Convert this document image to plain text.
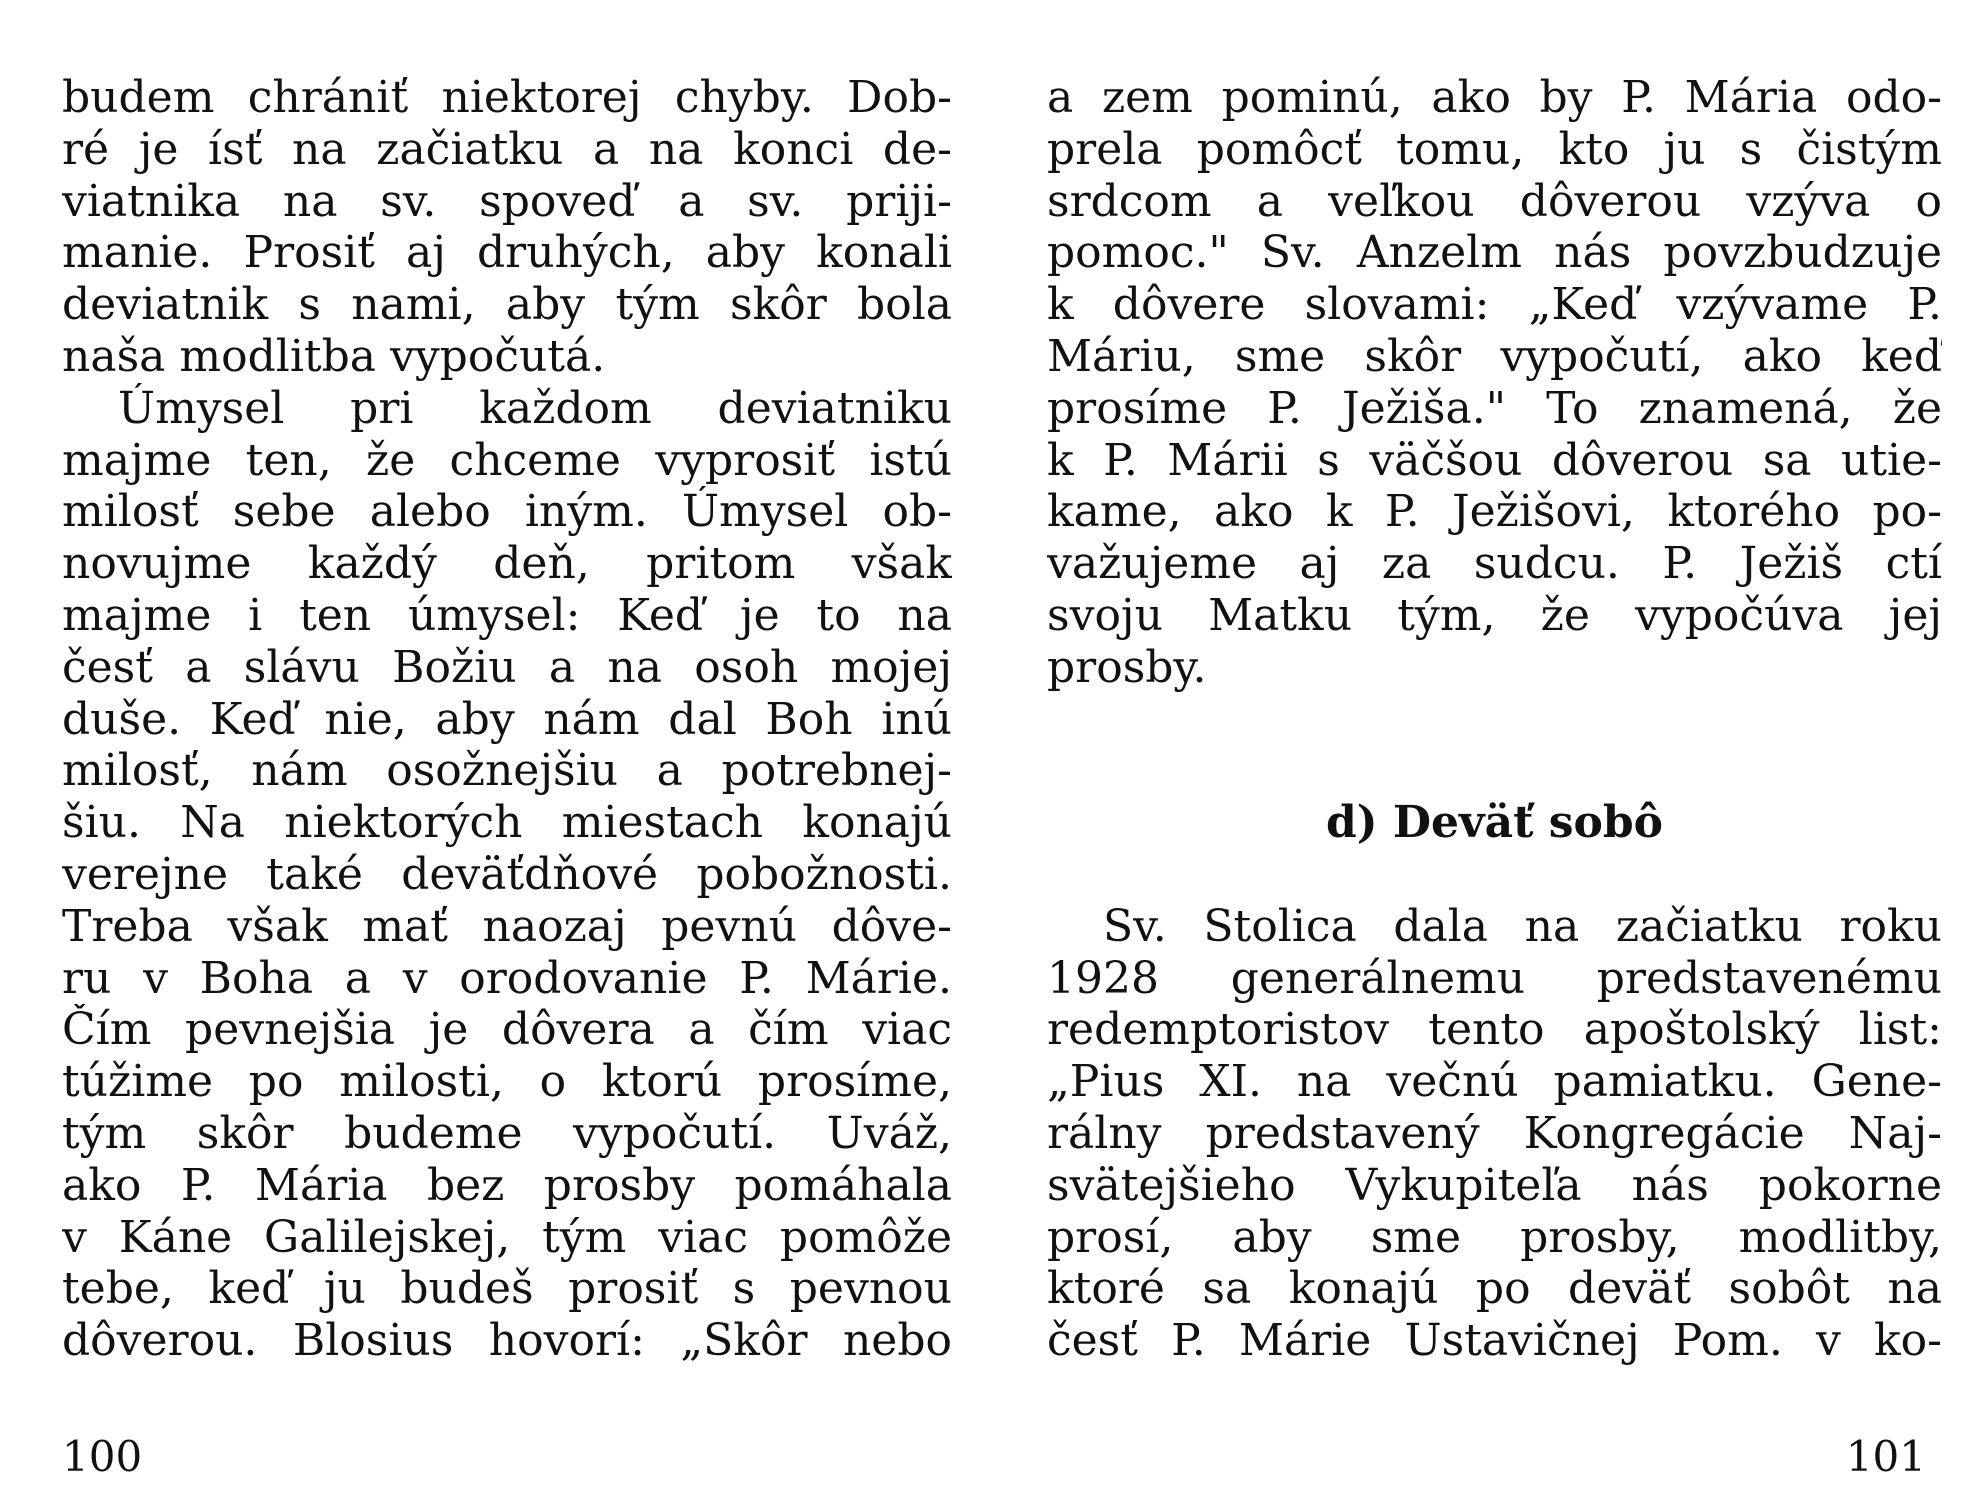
budem chrániť niektorej chyby. Dob-
ré je ísť na začiatku a na konci de-
viatnika na sv. spoveď a sv. priji-
manie. Prosiť aj druhých, aby konali
deviatnik s nami, aby tým skôr bola
naša modlitba vypočutá.
Úmysel pri každom deviatniku
majme ten, že chceme vyprosiť istú
milosť sebe alebo iným. Úmysel ob-
novujme každý deň, pritom však
majme i ten úmysel: Keď je to na
česť a slávu Božiu a na osoh mojej
duše. Keď nie, aby nám dal Boh inú
milosť, nám osožnejšiu a potrebnej-
šiu. Na niektorých miestach konajú
verejne také deväťdňové pobožnosti.
Treba však mať naozaj pevnú dôve-
ru v Boha a v orodovanie P. Márie.
Čím pevnejšia je dôvera a čím viac
túžime po milosti, o ktorú prosíme,
tým skôr budeme vypočutí. Uváž,
ako P. Mária bez prosby pomáhala
v Káne Galilejskej, tým viac pomôže
tebe, keď ju budeš prosiť s pevnou
dôverou. Blosius hovorí: „Skôr nebo
100
a zem pominú, ako by P. Mária odo-
prela pomôcť tomu, kto ju s čistým
srdcom a veľkou dôverou vzýva o
pomoc." Sv. Anzelm nás povzbudzuje
k dôvere slovami: „Keď vzývame P.
Máriu, sme skôr vypočutí, ako keď
prosíme P. Ježiša." To znamená, že
k P. Márii s väčšou dôverou sa utie-
kame, ako k P. Ježišovi, ktorého po-
važujeme aj za sudcu. P. Ježiš ctí
svoju Matku tým, že vypočúva jej
prosby.
d) Deväť sobô
Sv. Stolica dala na začiatku roku
1928 generálnemu predstavenému
redemptoristov tento apoštolský list:
„Pius XI. na večnú pamiatku. Gene-
rálny predstavený Kongregácie Naj-
svätejšieho Vykupiteľa nás pokorne
prosí, aby sme prosby, modlitby,
ktoré sa konajú po deväť sobôt na
česť P. Márie Ustavičnej Pom. v ko-
101
